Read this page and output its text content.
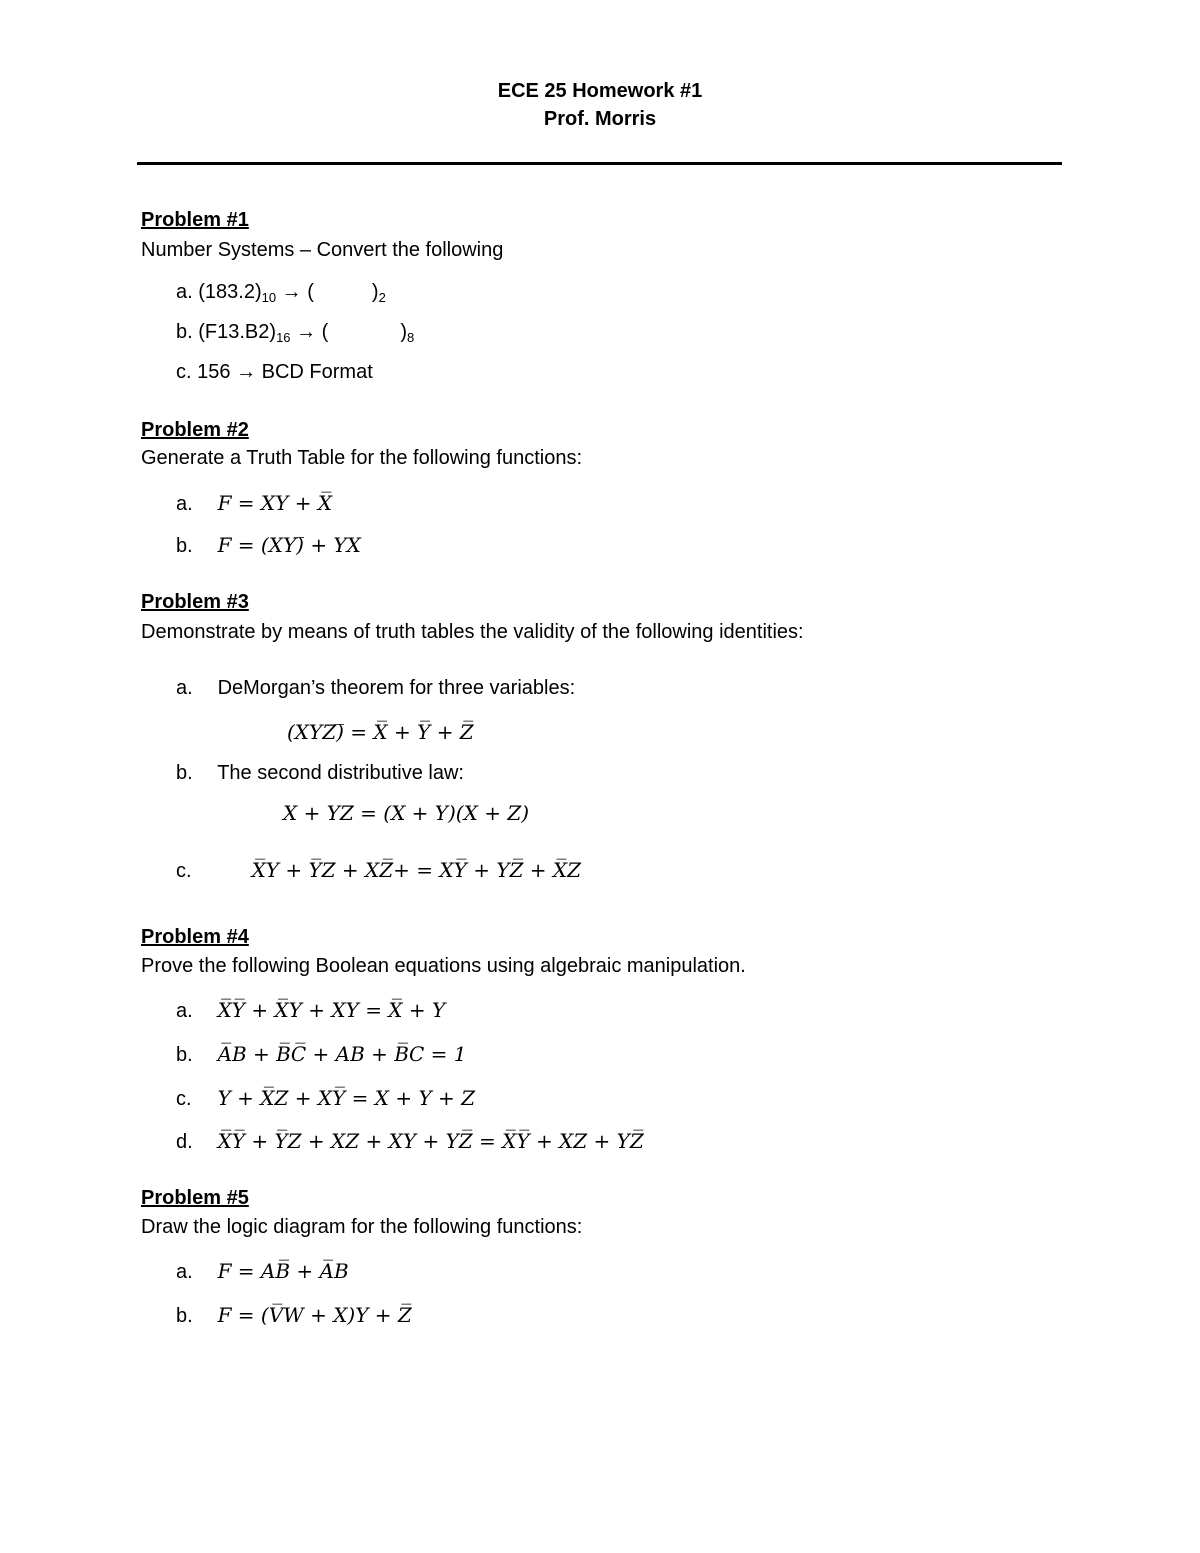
ECE 25 Homework #1
Prof. Morris
Problem #1
Number Systems – Convert the following
a. $(183.2)_{10}$ → (	)$_2$
b. $(F13.B2)_{16}$ → (	)$_8$
c. 156 → BCD Format
Problem #2
Generate a Truth Table for the following functions:
a. F = XY + X̅
b. F = (XY)̅ + YX
Problem #3
Demonstrate by means of truth tables the validity of the following identities:
a. DeMorgan’s theorem for three variables:
(XYZ)̅ = X̅ + Y̅ + Z̅
b. The second distributive law:
X + YZ = (X + Y)(X + Z)
c.	X̅Y + Y̅Z + XZ̅+ = XY̅ + YZ̅ + X̅Z
Problem #4
Prove the following Boolean equations using algebraic manipulation.
a. X̅Y̅ + X̅Y + XY = X̅ + Y
b. A̅B + B̅C̅ + AB + B̅C = 1
c. Y + X̅Z + XY̅ = X + Y + Z
d. X̅Y̅ + Y̅Z + XZ + XY + YZ̅ = X̅Y̅ + XZ + YZ̅
Problem #5
Draw the logic diagram for the following functions:
a. F = AB̅ + A̅B
b. F = (V̅W + X)Y + Z̅
